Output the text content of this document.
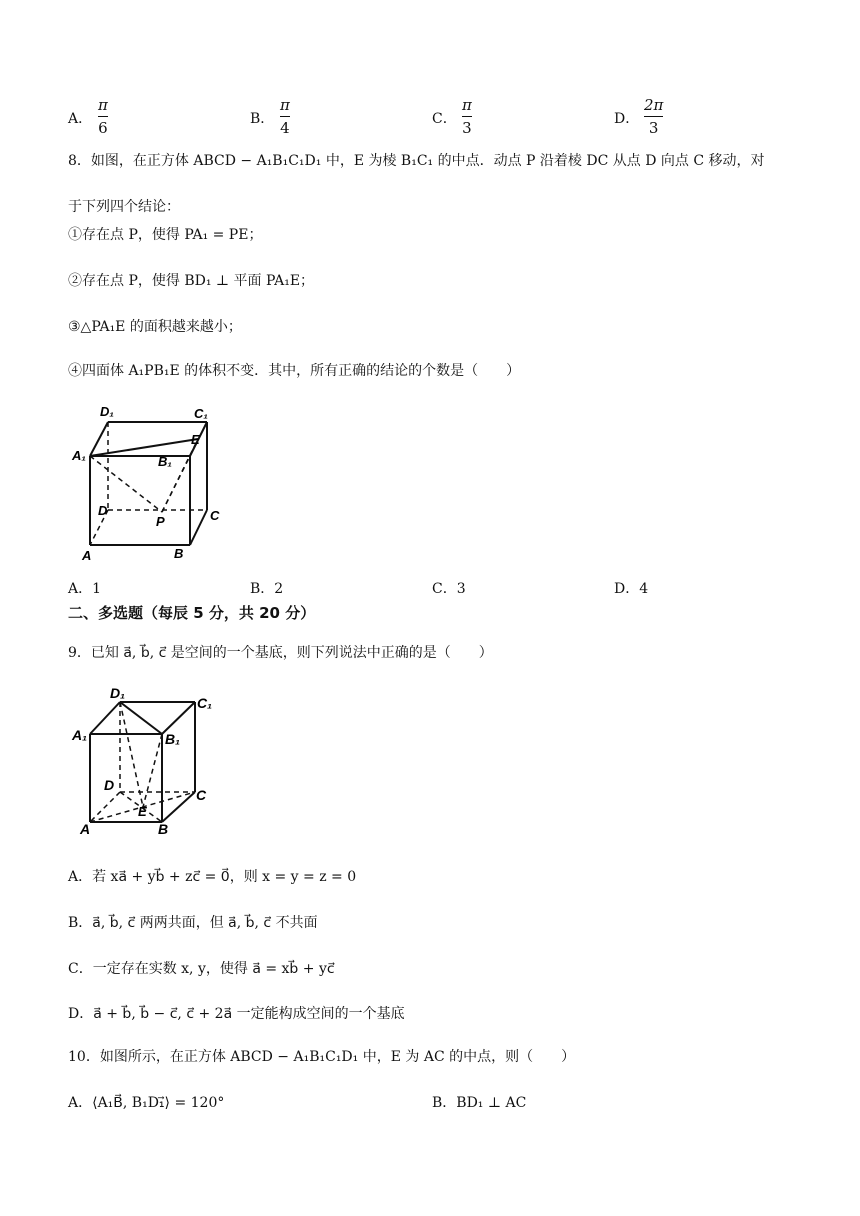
A．
π
6	B．
π
4	C．
π
3	D．
2π
3
8．如图，在正方体 ABCD − A₁B₁C₁D₁ 中，E 为棱 B₁C₁ 的中点．动点 P 沿着棱 DC 从点 D 向点 C 移动，对
于下列四个结论：
①存在点 P，使得 PA₁ = PE；
②存在点 P，使得 BD₁ ⊥ 平面 PA₁E；
③△PA₁E 的面积越来越小；
④四面体 A₁PB₁E 的体积不变．其中，所有正确的结论的个数是（　　）
D₁	C₁
A₁
E
B₁
D
P	C
A	B
A．1	B．2	C．3	D．4
二、多选题（每辰 5 分，共 20 分）
9．已知 a⃗, b⃗, c⃗ 是空间的一个基底，则下列说法中正确的是（　　）
D₁
C₁
A₁	B₁
D
E
C
A	B
A．若 xa⃗ + yb⃗ + zc⃗ = 0⃗，则 x = y = z = 0
B．a⃗, b⃗, c⃗ 两两共面，但 a⃗, b⃗, c⃗ 不共面
C．一定存在实数 x, y，使得 a⃗ = xb⃗ + yc⃗
D．a⃗ + b⃗, b⃗ − c⃗, c⃗ + 2a⃗ 一定能构成空间的一个基底
10．如图所示，在正方体 ABCD − A₁B₁C₁D₁ 中，E 为 AC 的中点，则（　　）
A．⟨A₁B⃗, B₁D₁⃗⟩ = 120°	B．BD₁ ⊥ AC
